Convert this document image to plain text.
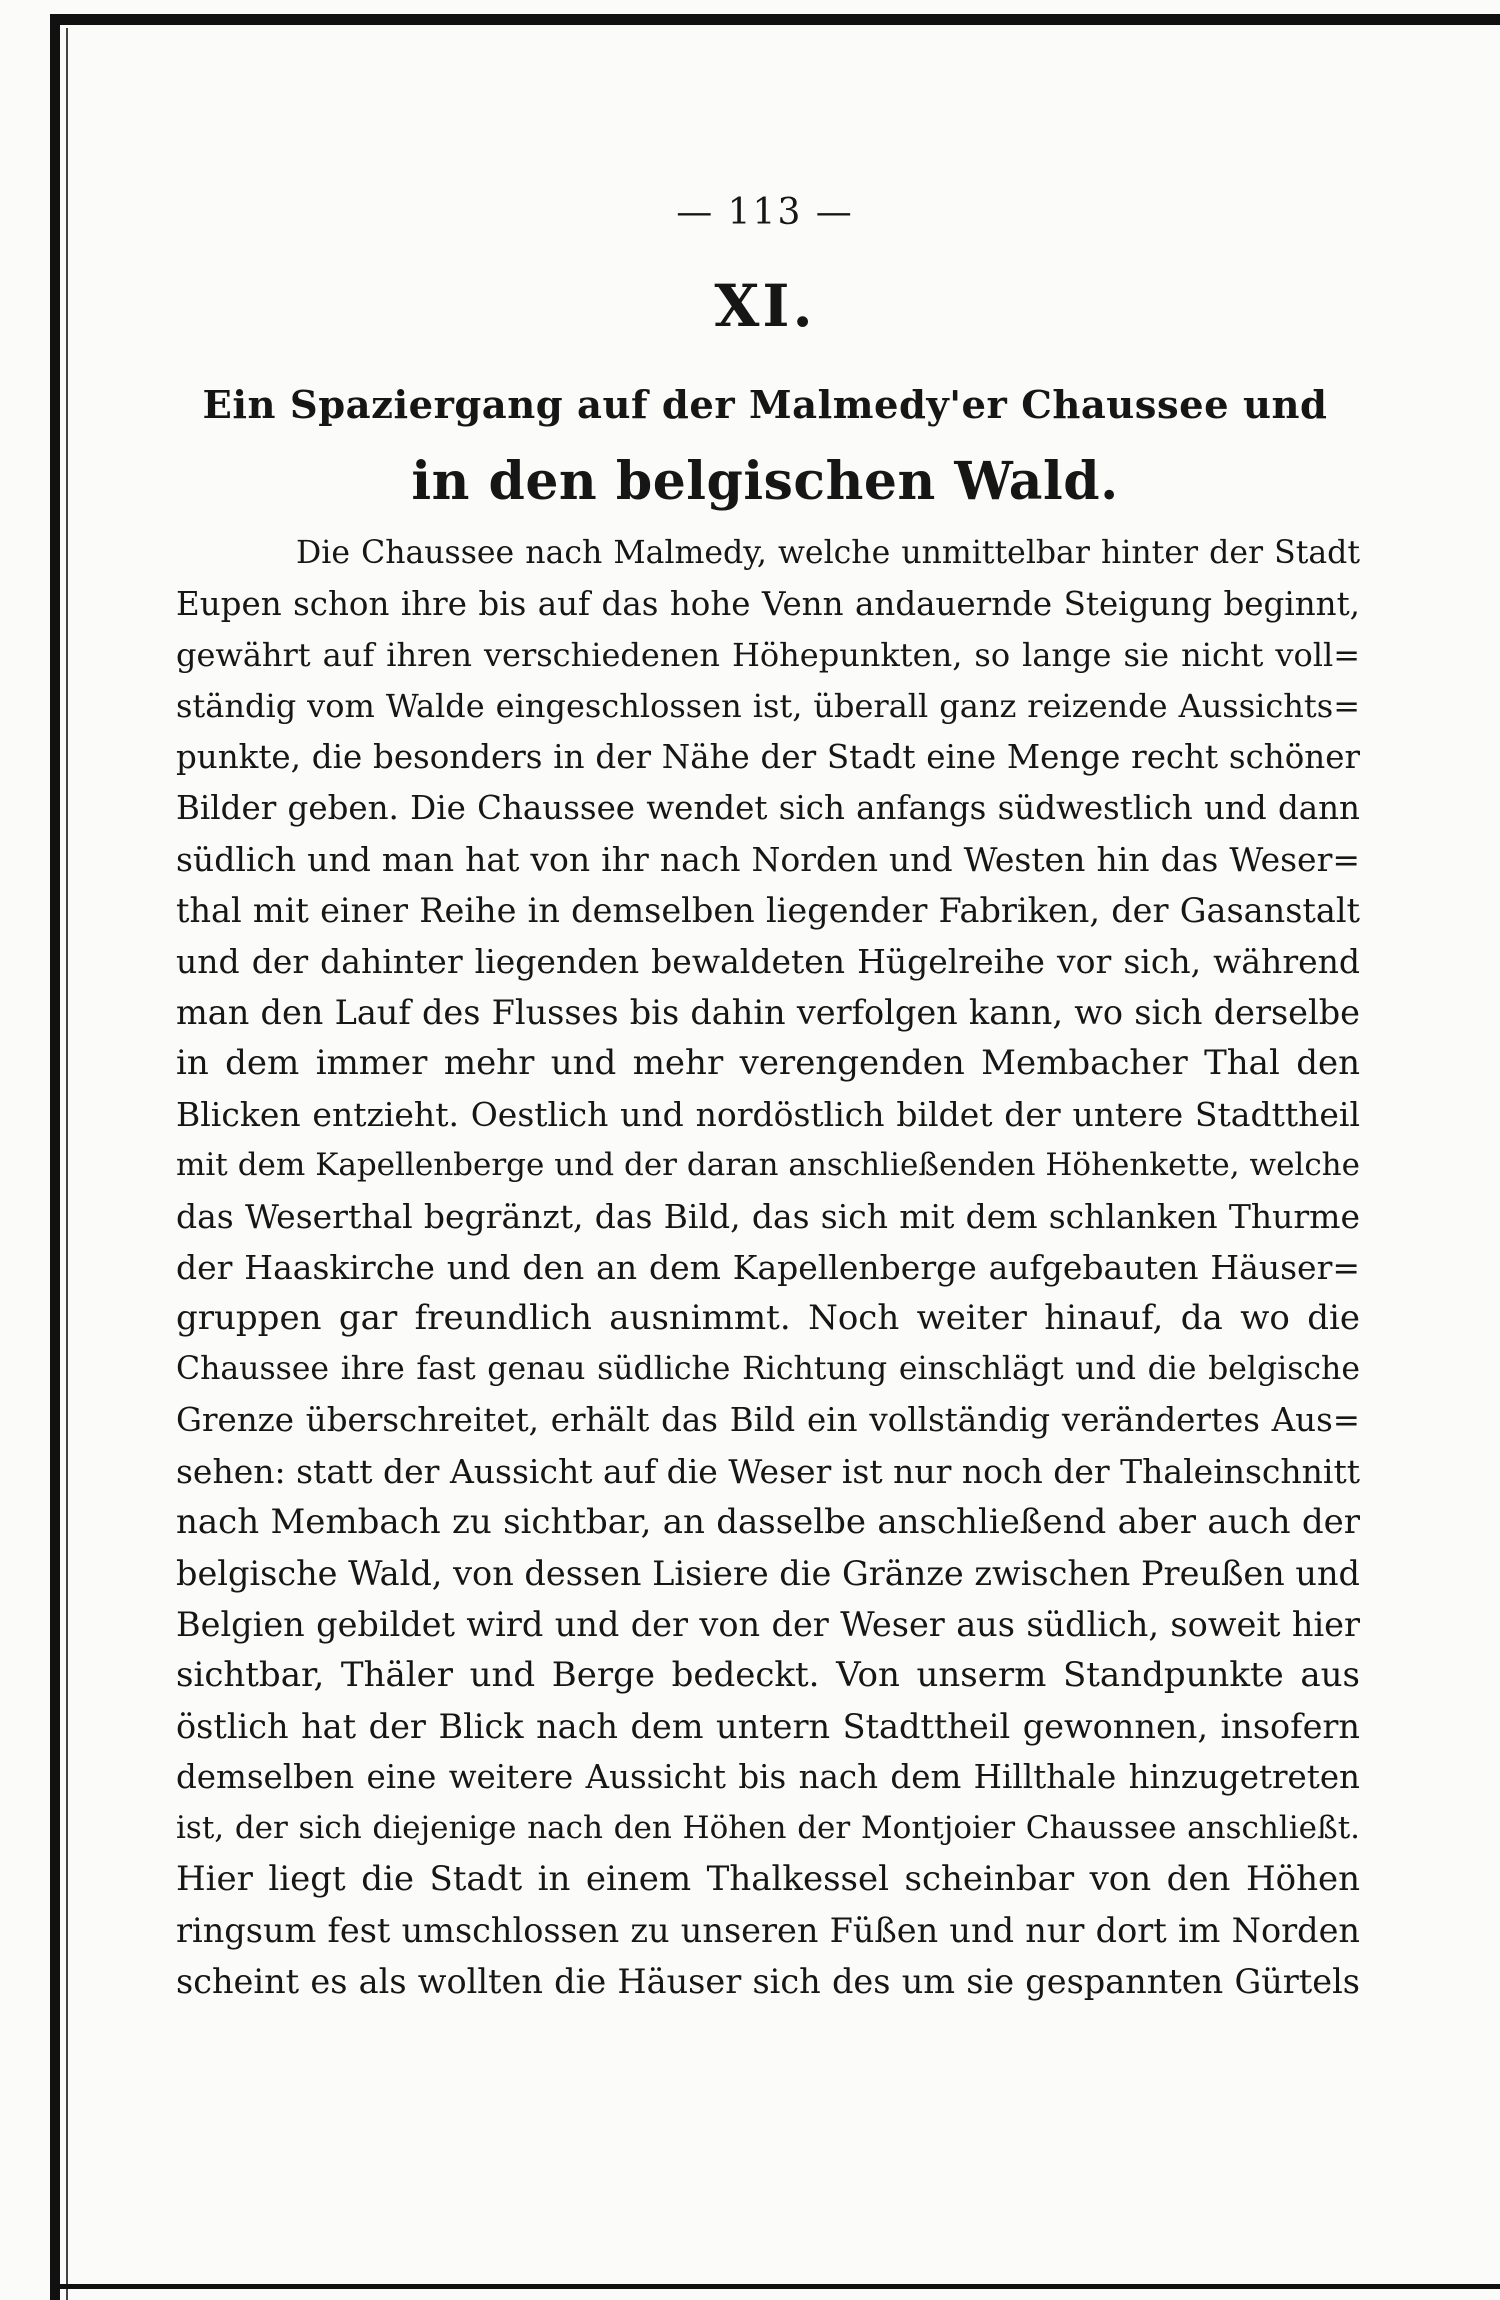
— 113 —
XI.
Ein Spaziergang auf der Malmedy'er Chaussee und
in den belgischen Wald.
Die Chaussee nach Malmedy, welche unmittelbar hinter der Stadt
Eupen schon ihre bis auf das hohe Venn andauernde Steigung beginnt,
gewährt auf ihren verschiedenen Höhepunkten, so lange sie nicht voll=
ständig vom Walde eingeschlossen ist, überall ganz reizende Aussichts=
punkte, die besonders in der Nähe der Stadt eine Menge recht schöner
Bilder geben. Die Chaussee wendet sich anfangs südwestlich und dann
südlich und man hat von ihr nach Norden und Westen hin das Weser=
thal mit einer Reihe in demselben liegender Fabriken, der Gasanstalt
und der dahinter liegenden bewaldeten Hügelreihe vor sich, während
man den Lauf des Flusses bis dahin verfolgen kann, wo sich derselbe
in dem immer mehr und mehr verengenden Membacher Thal den
Blicken entzieht. Oestlich und nordöstlich bildet der untere Stadttheil
mit dem Kapellenberge und der daran anschließenden Höhenkette, welche
das Weserthal begränzt, das Bild, das sich mit dem schlanken Thurme
der Haaskirche und den an dem Kapellenberge aufgebauten Häuser=
gruppen gar freundlich ausnimmt. Noch weiter hinauf, da wo die
Chaussee ihre fast genau südliche Richtung einschlägt und die belgische
Grenze überschreitet, erhält das Bild ein vollständig verändertes Aus=
sehen: statt der Aussicht auf die Weser ist nur noch der Thaleinschnitt
nach Membach zu sichtbar, an dasselbe anschließend aber auch der
belgische Wald, von dessen Lisiere die Gränze zwischen Preußen und
Belgien gebildet wird und der von der Weser aus südlich, soweit hier
sichtbar, Thäler und Berge bedeckt. Von unserm Standpunkte aus
östlich hat der Blick nach dem untern Stadttheil gewonnen, insofern
demselben eine weitere Aussicht bis nach dem Hillthale hinzugetreten
ist, der sich diejenige nach den Höhen der Montjoier Chaussee anschließt.
Hier liegt die Stadt in einem Thalkessel scheinbar von den Höhen
ringsum fest umschlossen zu unseren Füßen und nur dort im Norden
scheint es als wollten die Häuser sich des um sie gespannten Gürtels
